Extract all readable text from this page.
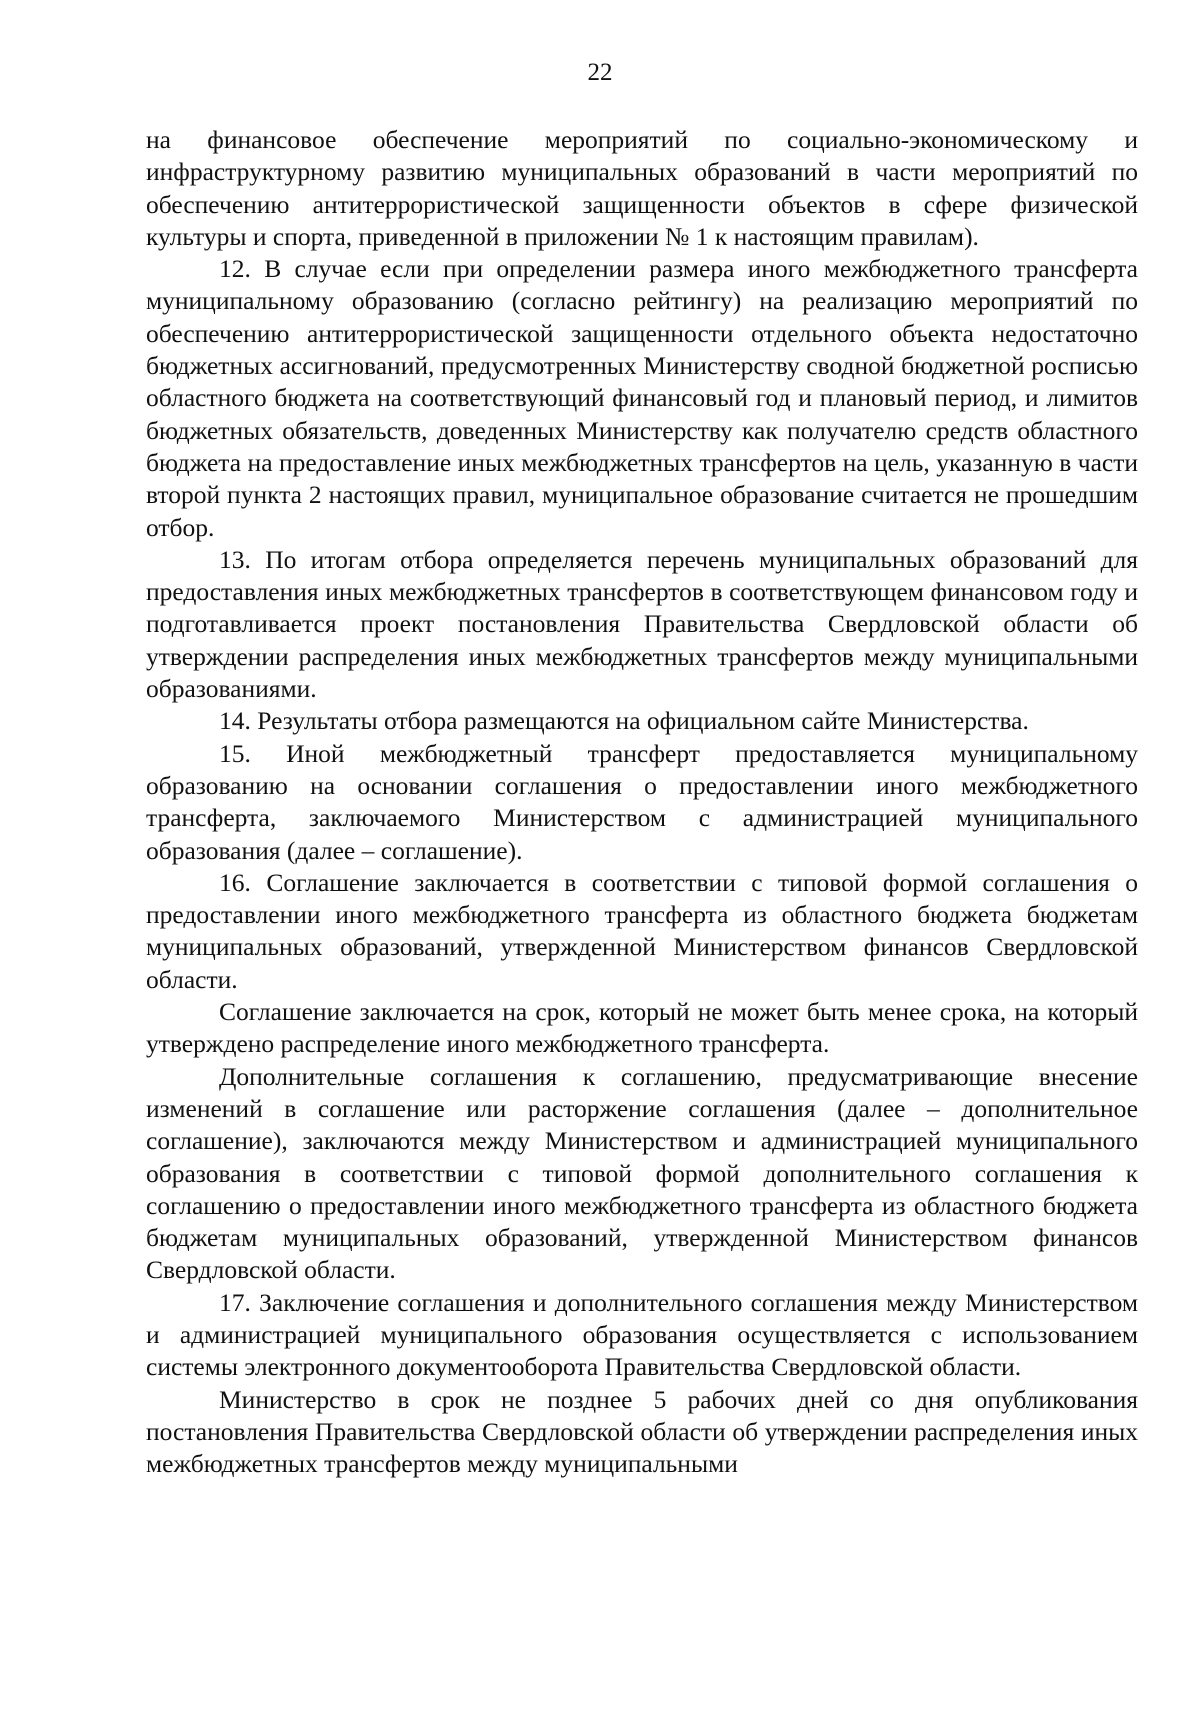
22

на финансовое обеспечение мероприятий по социально-экономическому и инфраструктурному развитию муниципальных образований в части мероприятий по обеспечению антитеррористической защищенности объектов в сфере физической культуры и спорта, приведенной в приложении № 1 к настоящим правилам).

12. В случае если при определении размера иного межбюджетного трансферта муниципальному образованию (согласно рейтингу) на реализацию мероприятий по обеспечению антитеррористической защищенности отдельного объекта недостаточно бюджетных ассигнований, предусмотренных Министерству сводной бюджетной росписью областного бюджета на соответствующий финансовый год и плановый период, и лимитов бюджетных обязательств, доведенных Министерству как получателю средств областного бюджета на предоставление иных межбюджетных трансфертов на цель, указанную в части второй пункта 2 настоящих правил, муниципальное образование считается не прошедшим отбор.

13. По итогам отбора определяется перечень муниципальных образований для предоставления иных межбюджетных трансфертов в соответствующем финансовом году и подготавливается проект постановления Правительства Свердловской области об утверждении распределения иных межбюджетных трансфертов между муниципальными образованиями.

14. Результаты отбора размещаются на официальном сайте Министерства.

15. Иной межбюджетный трансферт предоставляется муниципальному образованию на основании соглашения о предоставлении иного межбюджетного трансферта, заключаемого Министерством с администрацией муниципального образования (далее – соглашение).

16. Соглашение заключается в соответствии с типовой формой соглашения о предоставлении иного межбюджетного трансферта из областного бюджета бюджетам муниципальных образований, утвержденной Министерством финансов Свердловской области.

Соглашение заключается на срок, который не может быть менее срока, на который утверждено распределение иного межбюджетного трансферта.

Дополнительные соглашения к соглашению, предусматривающие внесение изменений в соглашение или расторжение соглашения (далее – дополнительное соглашение), заключаются между Министерством и администрацией муниципального образования в соответствии с типовой формой дополнительного соглашения к соглашению о предоставлении иного межбюджетного трансферта из областного бюджета бюджетам муниципальных образований, утвержденной Министерством финансов Свердловской области.

17. Заключение соглашения и дополнительного соглашения между Министерством и администрацией муниципального образования осуществляется с использованием системы электронного документооборота Правительства Свердловской области.

Министерство в срок не позднее 5 рабочих дней со дня опубликования постановления Правительства Свердловской области об утверждении распределения иных межбюджетных трансфертов между муниципальными
